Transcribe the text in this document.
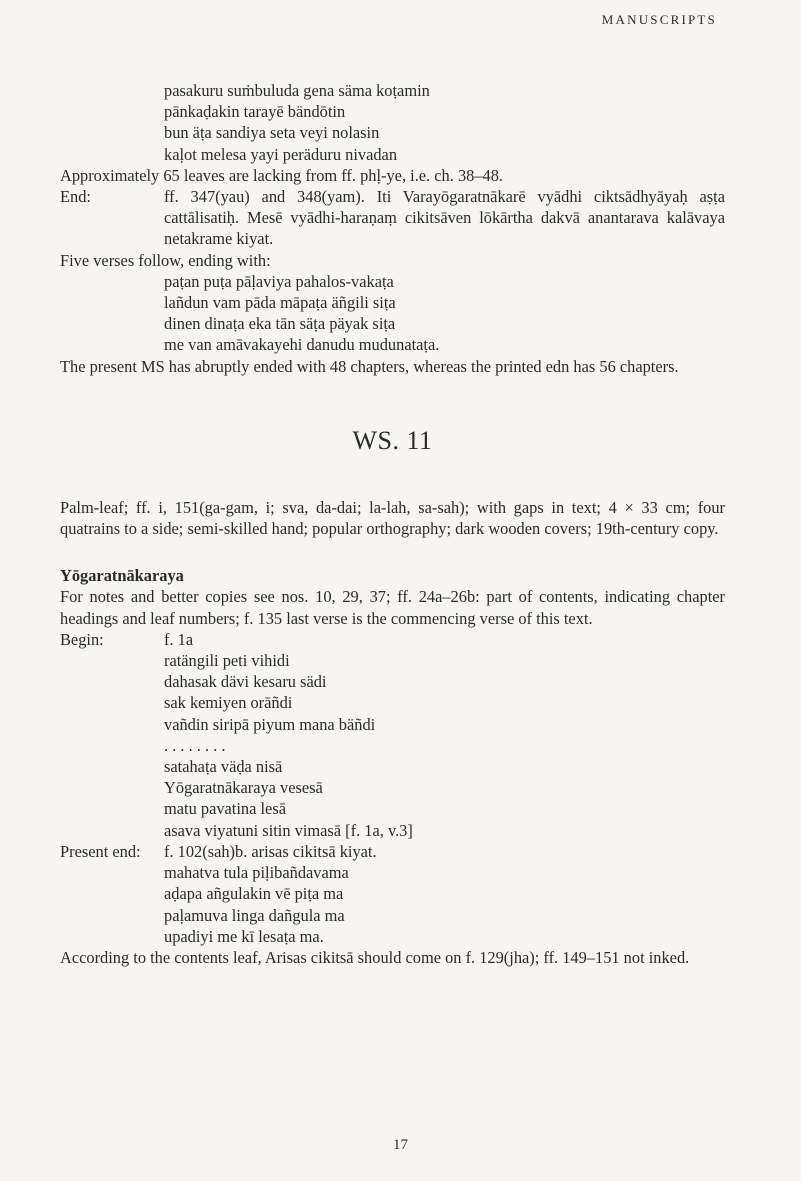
MANUSCRIPTS
pasakuru suṁbuluda gena säma koṭamin
pānkaḍakin tarayē bändōtin
bun äṭa sandiya seta veyi nolasin
kaḷot melesa yayi peräduru nivadan
Approximately 65 leaves are lacking from ff. phḷ-ye, i.e. ch. 38–48.
End:	ff. 347(yau) and 348(yam). Iti Varayōgaratnākarē vyādhi ciktsādhyāyaḥ aṣṭa cattālisatiḥ. Mesē vyādhi-haraṇaṃ cikitsāven lōkārtha dakvā anantarava kalāvaya netakrame kiyat.
Five verses follow, ending with:
paṭan puṭa pāḷaviya pahalos-vakaṭa
lañdun vam pāda māpaṭa äñgili siṭa
dinen dinaṭa eka tān säṭa päyak siṭa
me van amāvakayehi danudu mudunataṭa.
The present MS has abruptly ended with 48 chapters, whereas the printed edn has 56 chapters.
WS. 11
Palm-leaf; ff. i, 151(ga-gam, i; sva, da-dai; la-lah, sa-sah); with gaps in text; 4 × 33 cm; four quatrains to a side; semi-skilled hand; popular orthography; dark wooden covers; 19th-century copy.
Yōgaratnākaraya
For notes and better copies see nos. 10, 29, 37; ff. 24a–26b: part of contents, indicating chapter headings and leaf numbers; f. 135 last verse is the commencing verse of this text.
Begin:	f. 1a
ratängili peti vihidi
dahasak dävi kesaru sädi
sak kemiyen orāñdi
vañdin siripā piyum mana bäñdi
. . . . . . . .
satahaṭa väḍa nisā
Yōgaratnākaraya vesesā
matu pavatina lesā
asava viyatuni sitin vimasā [f. 1a, v.3]
Present end:	f. 102(sah)b. arisas cikitsā kiyat.
mahatva tula piḷibañdavama
aḍapa añgulakin vē piṭa ma
paḷamuva linga dañgula ma
upadiyi me kī lesaṭa ma.
According to the contents leaf, Arisas cikitsā should come on f. 129(jha); ff. 149–151 not inked.
17
